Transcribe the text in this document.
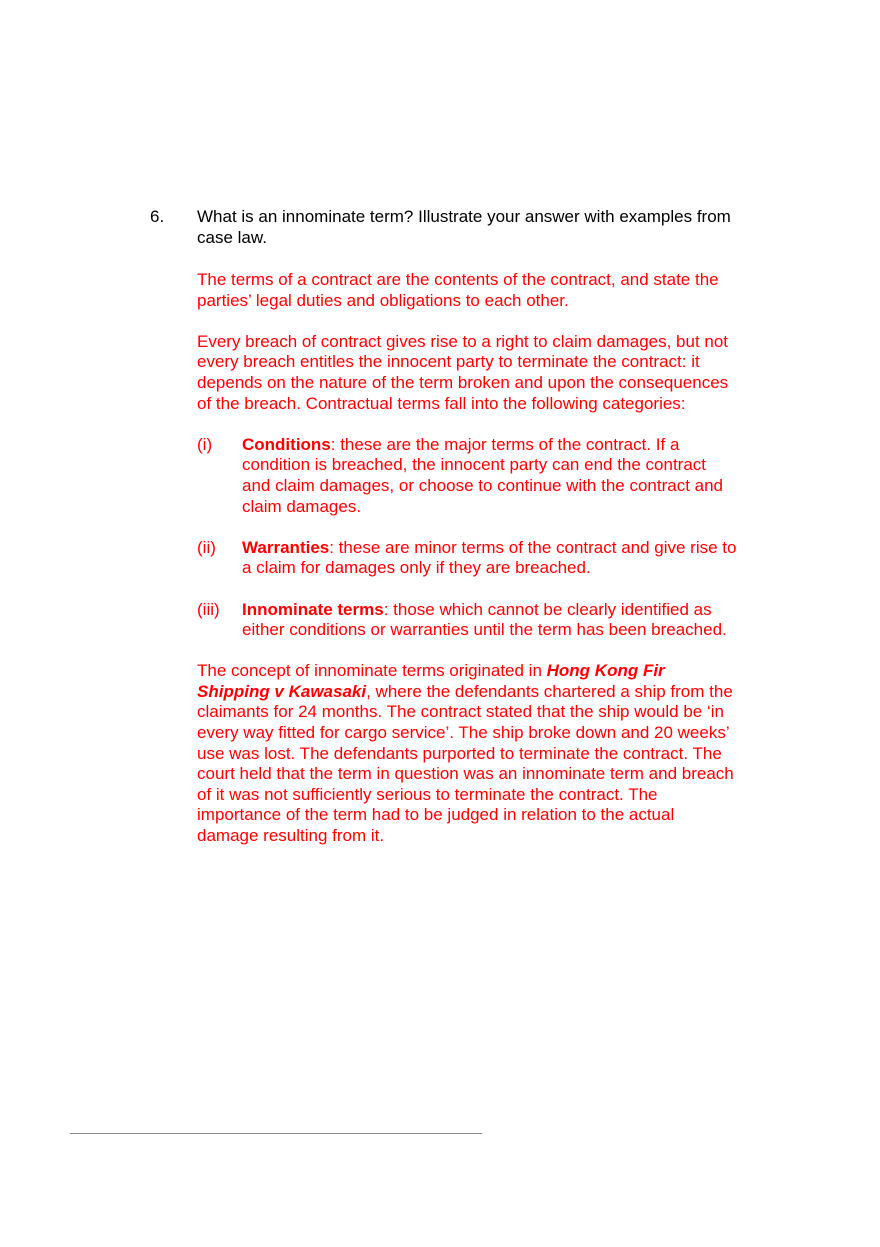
6. What is an innominate term? Illustrate your answer with examples from case law.

The terms of a contract are the contents of the contract, and state the parties’ legal duties and obligations to each other.

Every breach of contract gives rise to a right to claim damages, but not every breach entitles the innocent party to terminate the contract: it depends on the nature of the term broken and upon the consequences of the breach. Contractual terms fall into the following categories:

(i) Conditions: these are the major terms of the contract. If a condition is breached, the innocent party can end the contract and claim damages, or choose to continue with the contract and claim damages.
(ii) Warranties: these are minor terms of the contract and give rise to a claim for damages only if they are breached.
(iii) Innominate terms: those which cannot be clearly identified as either conditions or warranties until the term has been breached.

The concept of innominate terms originated in Hong Kong Fir Shipping v Kawasaki, where the defendants chartered a ship from the claimants for 24 months. The contract stated that the ship would be ‘in every way fitted for cargo service’. The ship broke down and 20 weeks’ use was lost. The defendants purported to terminate the contract. The court held that the term in question was an innominate term and breach of it was not sufficiently serious to terminate the contract. The importance of the term had to be judged in relation to the actual damage resulting from it.
